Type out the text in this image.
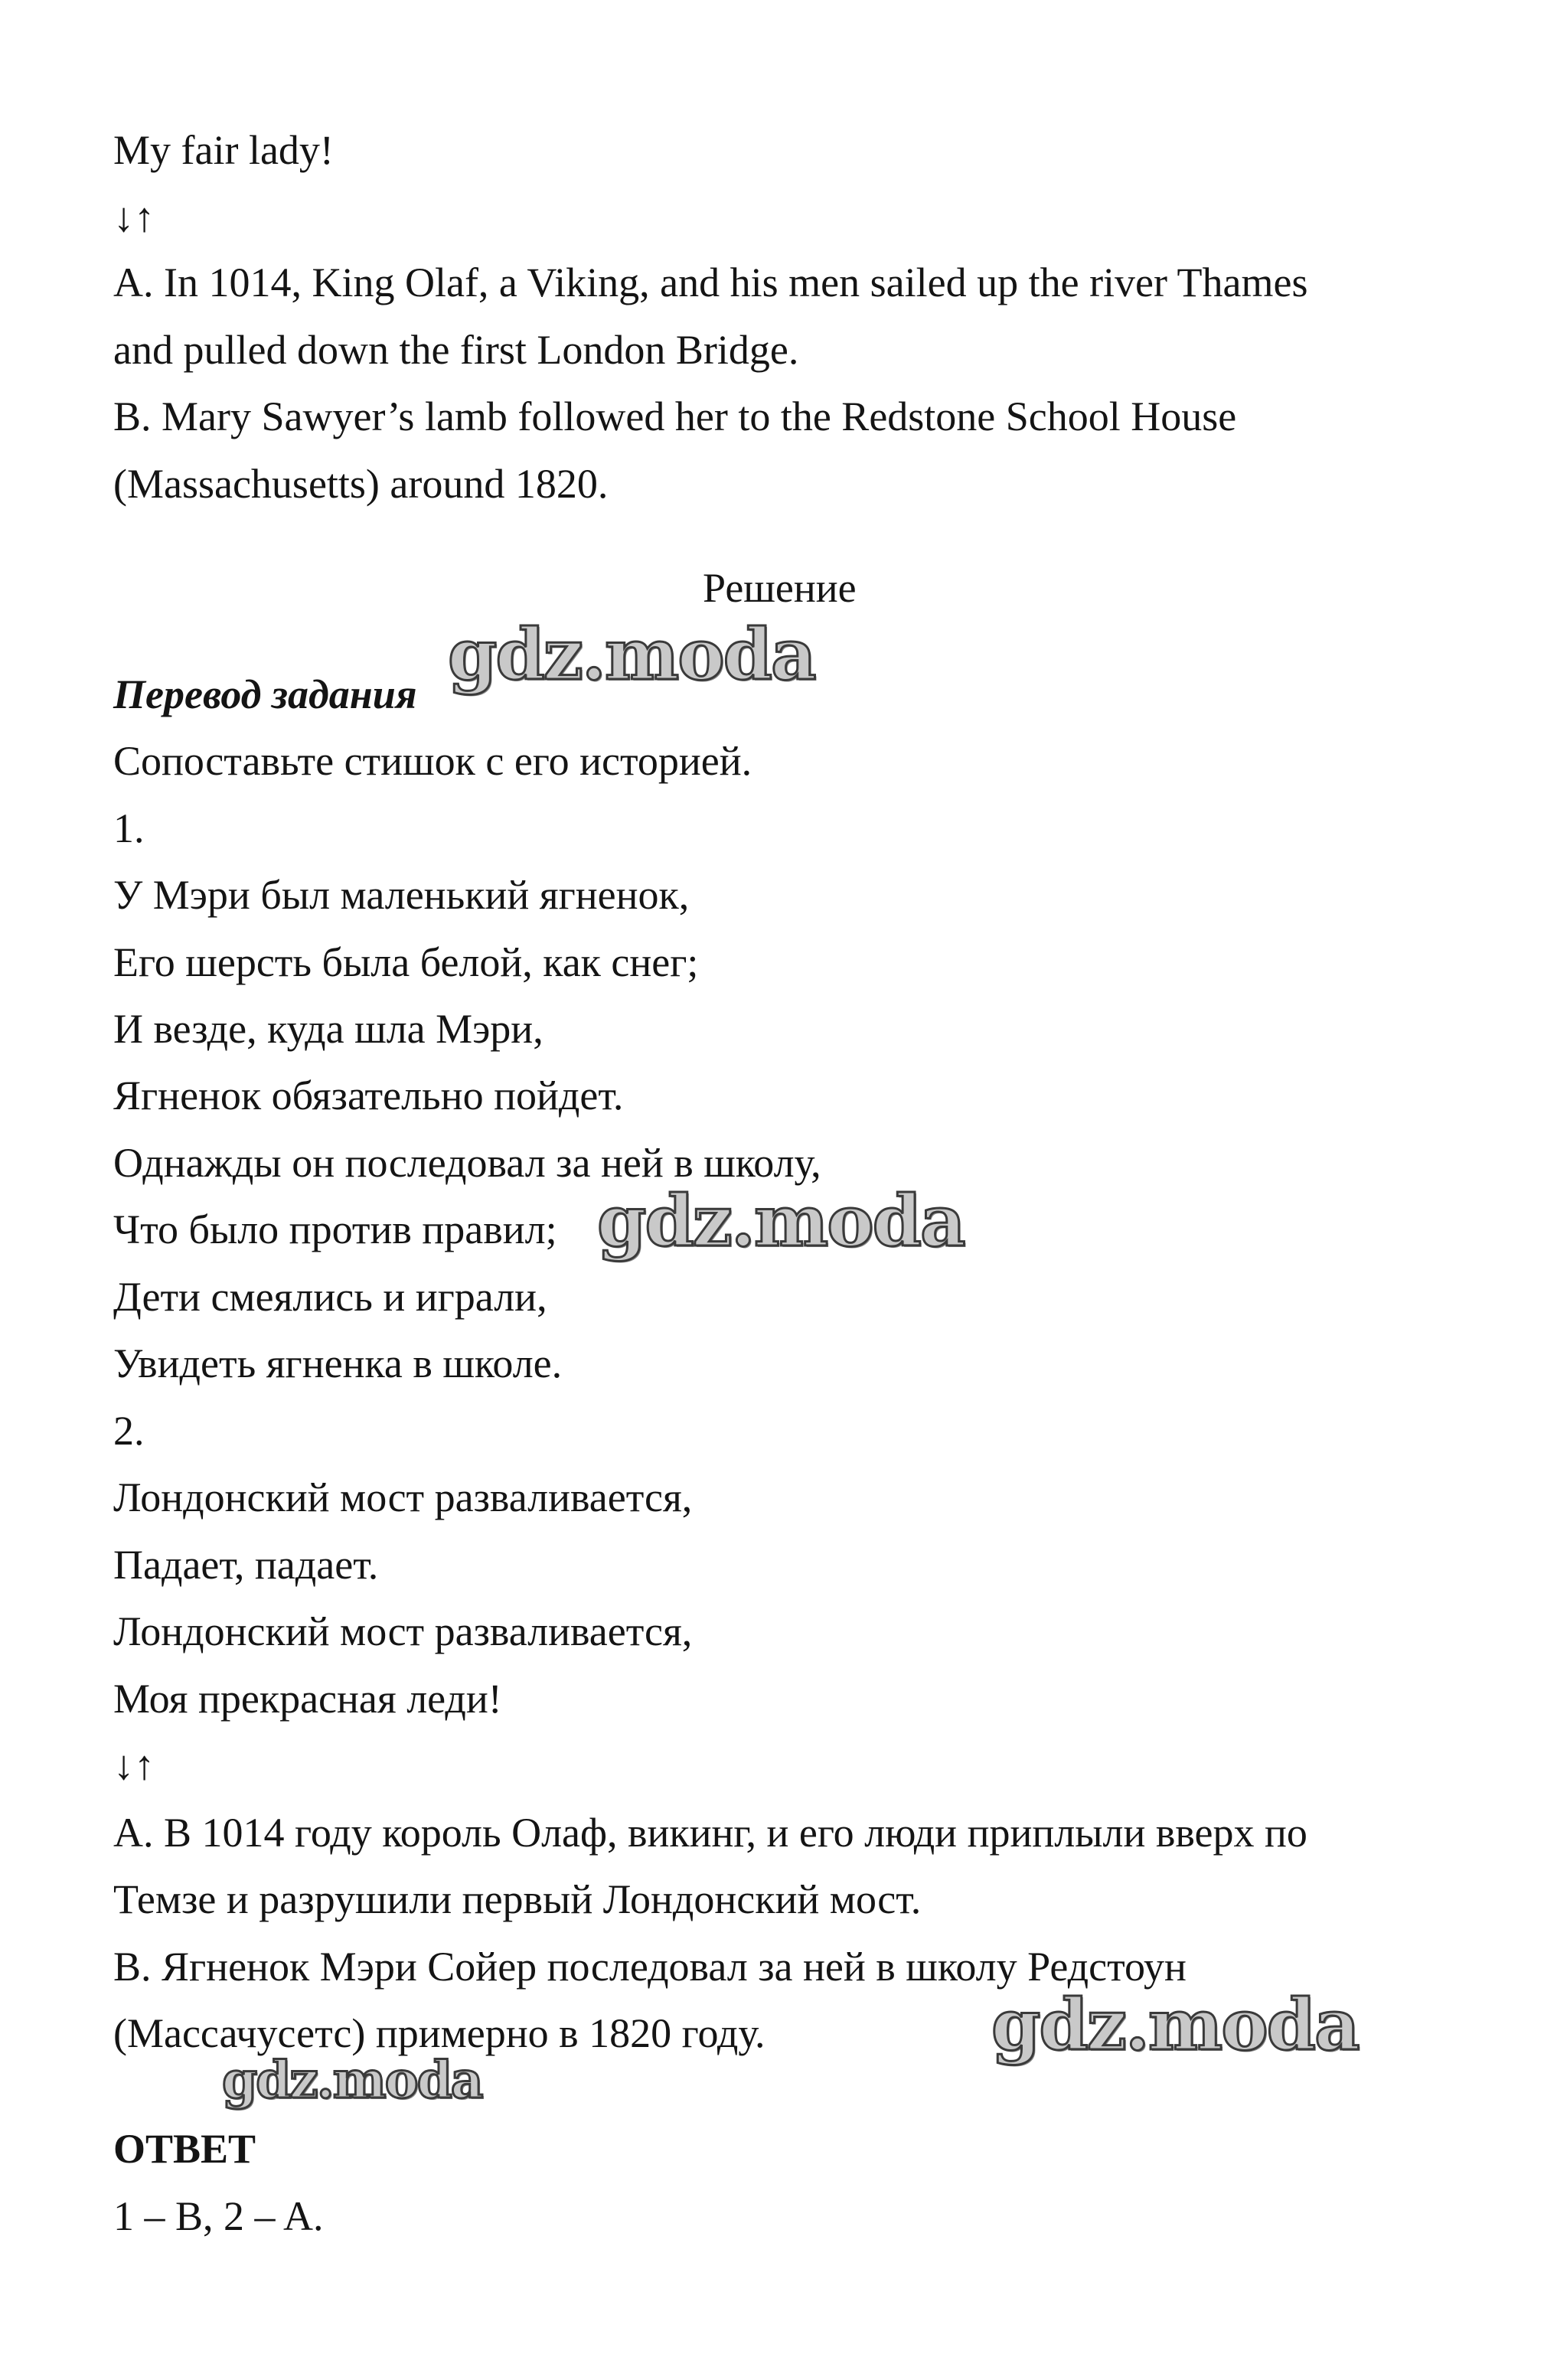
My fair lady!
↓↑
A. In 1014, King Olaf, a Viking, and his men sailed up the river Thames
and pulled down the first London Bridge.
B. Mary Sawyer’s lamb followed her to the Redstone School House
(Massachusetts) around 1820.
Решение
Перевод задания
Сопоставьте стишок с его историей.
1.
У Мэри был маленький ягненок,
Его шерсть была белой, как снег;
И везде, куда шла Мэри,
Ягненок обязательно пойдет.
Однажды он последовал за ней в школу,
Что было против правил;
Дети смеялись и играли,
Увидеть ягненка в школе.
2.
Лондонский мост разваливается,
Падает, падает.
Лондонский мост разваливается,
Моя прекрасная леди!
↓↑
A. В 1014 году король Олаф, викинг, и его люди приплыли вверх по
Темзе и разрушили первый Лондонский мост.
B. Ягненок Мэри Сойер последовал за ней в школу Редстоун
(Массачусетс) примерно в 1820 году.
ОТВЕТ
1 – B, 2 – A.
gdz.moda
gdz.moda
gdz.moda
gdz.moda
